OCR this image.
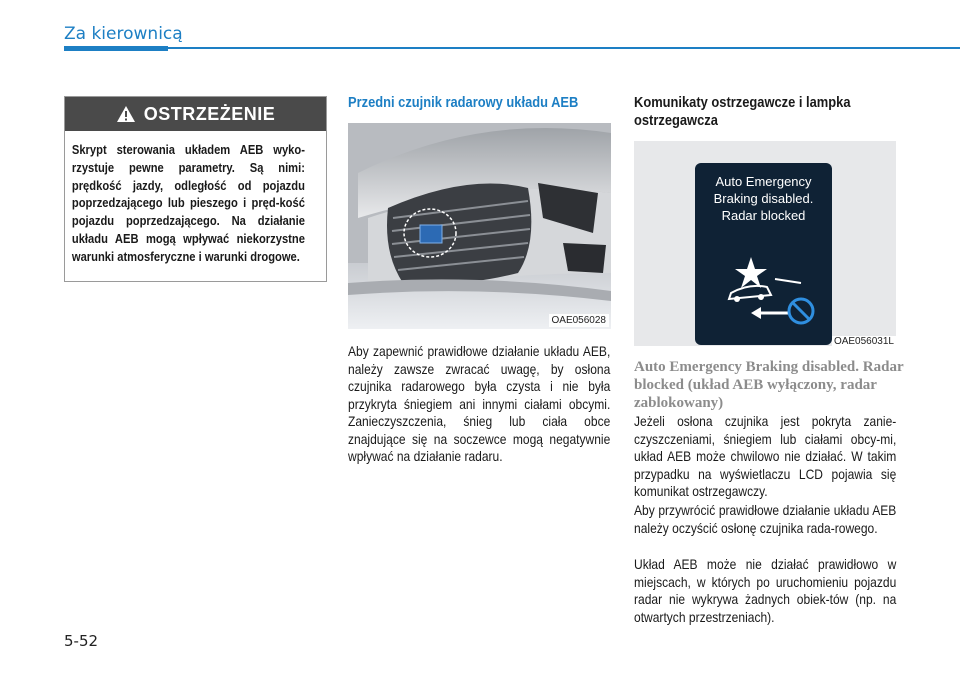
Za kierownicą
OSTRZEŻENIE
Skrypt sterowania układem AEB wyko-rzystuje pewne parametry. Są nimi: prędkość jazdy, odległość od pojazdu poprzedzającego lub pieszego i pręd-kość pojazdu poprzedzającego. Na działanie układu AEB mogą wpływać niekorzystne warunki atmosferyczne i warunki drogowe.
Przedni czujnik radarowy układu AEB
OAE056028
Aby zapewnić prawidłowe działanie układu AEB, należy zawsze zwracać uwagę, by osłona czujnika radarowego była czysta i nie była przykryta śniegiem ani innymi ciałami obcymi. Zanieczyszczenia, śnieg lub ciała obce znajdujące się na soczewce mogą negatywnie wpływać na działanie radaru.
Komunikaty ostrzegawcze i lampka ostrzegawcza
Auto Emergency
Braking disabled.
Radar blocked
OAE056031L
Auto Emergency Braking disabled. Radar blocked (układ AEB wyłączony, radar zablokowany)
Jeżeli osłona czujnika jest pokryta zanie-czyszczeniami, śniegiem lub ciałami obcy-mi, układ AEB może chwilowo nie działać. W takim przypadku na wyświetlaczu LCD pojawia się komunikat ostrzegawczy.
Aby przywrócić prawidłowe działanie układu AEB należy oczyścić osłonę czujnika rada-rowego.
Układ AEB może nie działać prawidłowo w miejscach, w których po uruchomieniu pojazdu radar nie wykrywa żadnych obiek-tów (np. na otwartych przestrzeniach).
5-52
